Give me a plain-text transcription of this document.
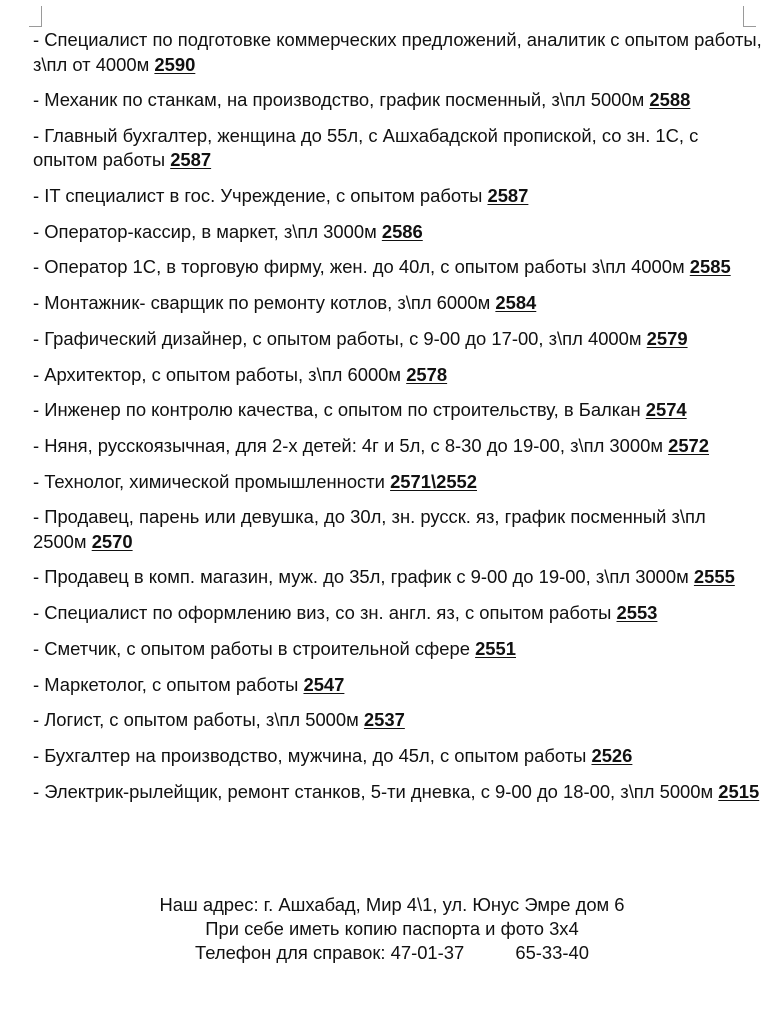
- Специалист по подготовке коммерческих предложений, аналитик с опытом работы, з\пл от 4000м 2590
- Механик по станкам, на производство, график посменный, з\пл 5000м 2588
- Главный бухгалтер, женщина до 55л, с Ашхабадской пропиской, со зн. 1С, с опытом работы 2587
- IT специалист в гос. Учреждение, с опытом работы 2587
- Оператор-кассир, в маркет, з\пл 3000м 2586
- Оператор 1С, в торговую фирму, жен. до 40л, с опытом работы з\пл 4000м 2585
- Монтажник- сварщик по ремонту котлов, з\пл 6000м 2584
- Графический дизайнер, с опытом работы, с 9-00 до 17-00, з\пл 4000м 2579
- Архитектор, с опытом работы, з\пл 6000м 2578
- Инженер по контролю качества, с опытом по строительству, в Балкан 2574
- Няня, русскоязычная, для 2-х детей: 4г и 5л, с 8-30 до 19-00, з\пл 3000м 2572
- Технолог, химической промышленности 2571\2552
- Продавец, парень или девушка, до 30л, зн. русск. яз, график посменный з\пл 2500м 2570
- Продавец в комп. магазин, муж. до 35л, график с 9-00 до 19-00, з\пл 3000м 2555
- Специалист по оформлению виз, со зн. англ. яз, с опытом работы 2553
- Сметчик, с опытом работы в строительной сфере 2551
- Маркетолог, с опытом работы 2547
- Логист, с опытом работы, з\пл 5000м 2537
- Бухгалтер на производство, мужчина, до 45л, с опытом работы 2526
- Электрик-рылейщик, ремонт станков, 5-ти дневка, с 9-00 до 18-00, з\пл 5000м 2515
Наш адрес: г. Ашхабад, Мир 4\1, ул. Юнус Эмре дом 6
При себе иметь копию паспорта и фото 3х4
Телефон для справок: 47-01-37	65-33-40
